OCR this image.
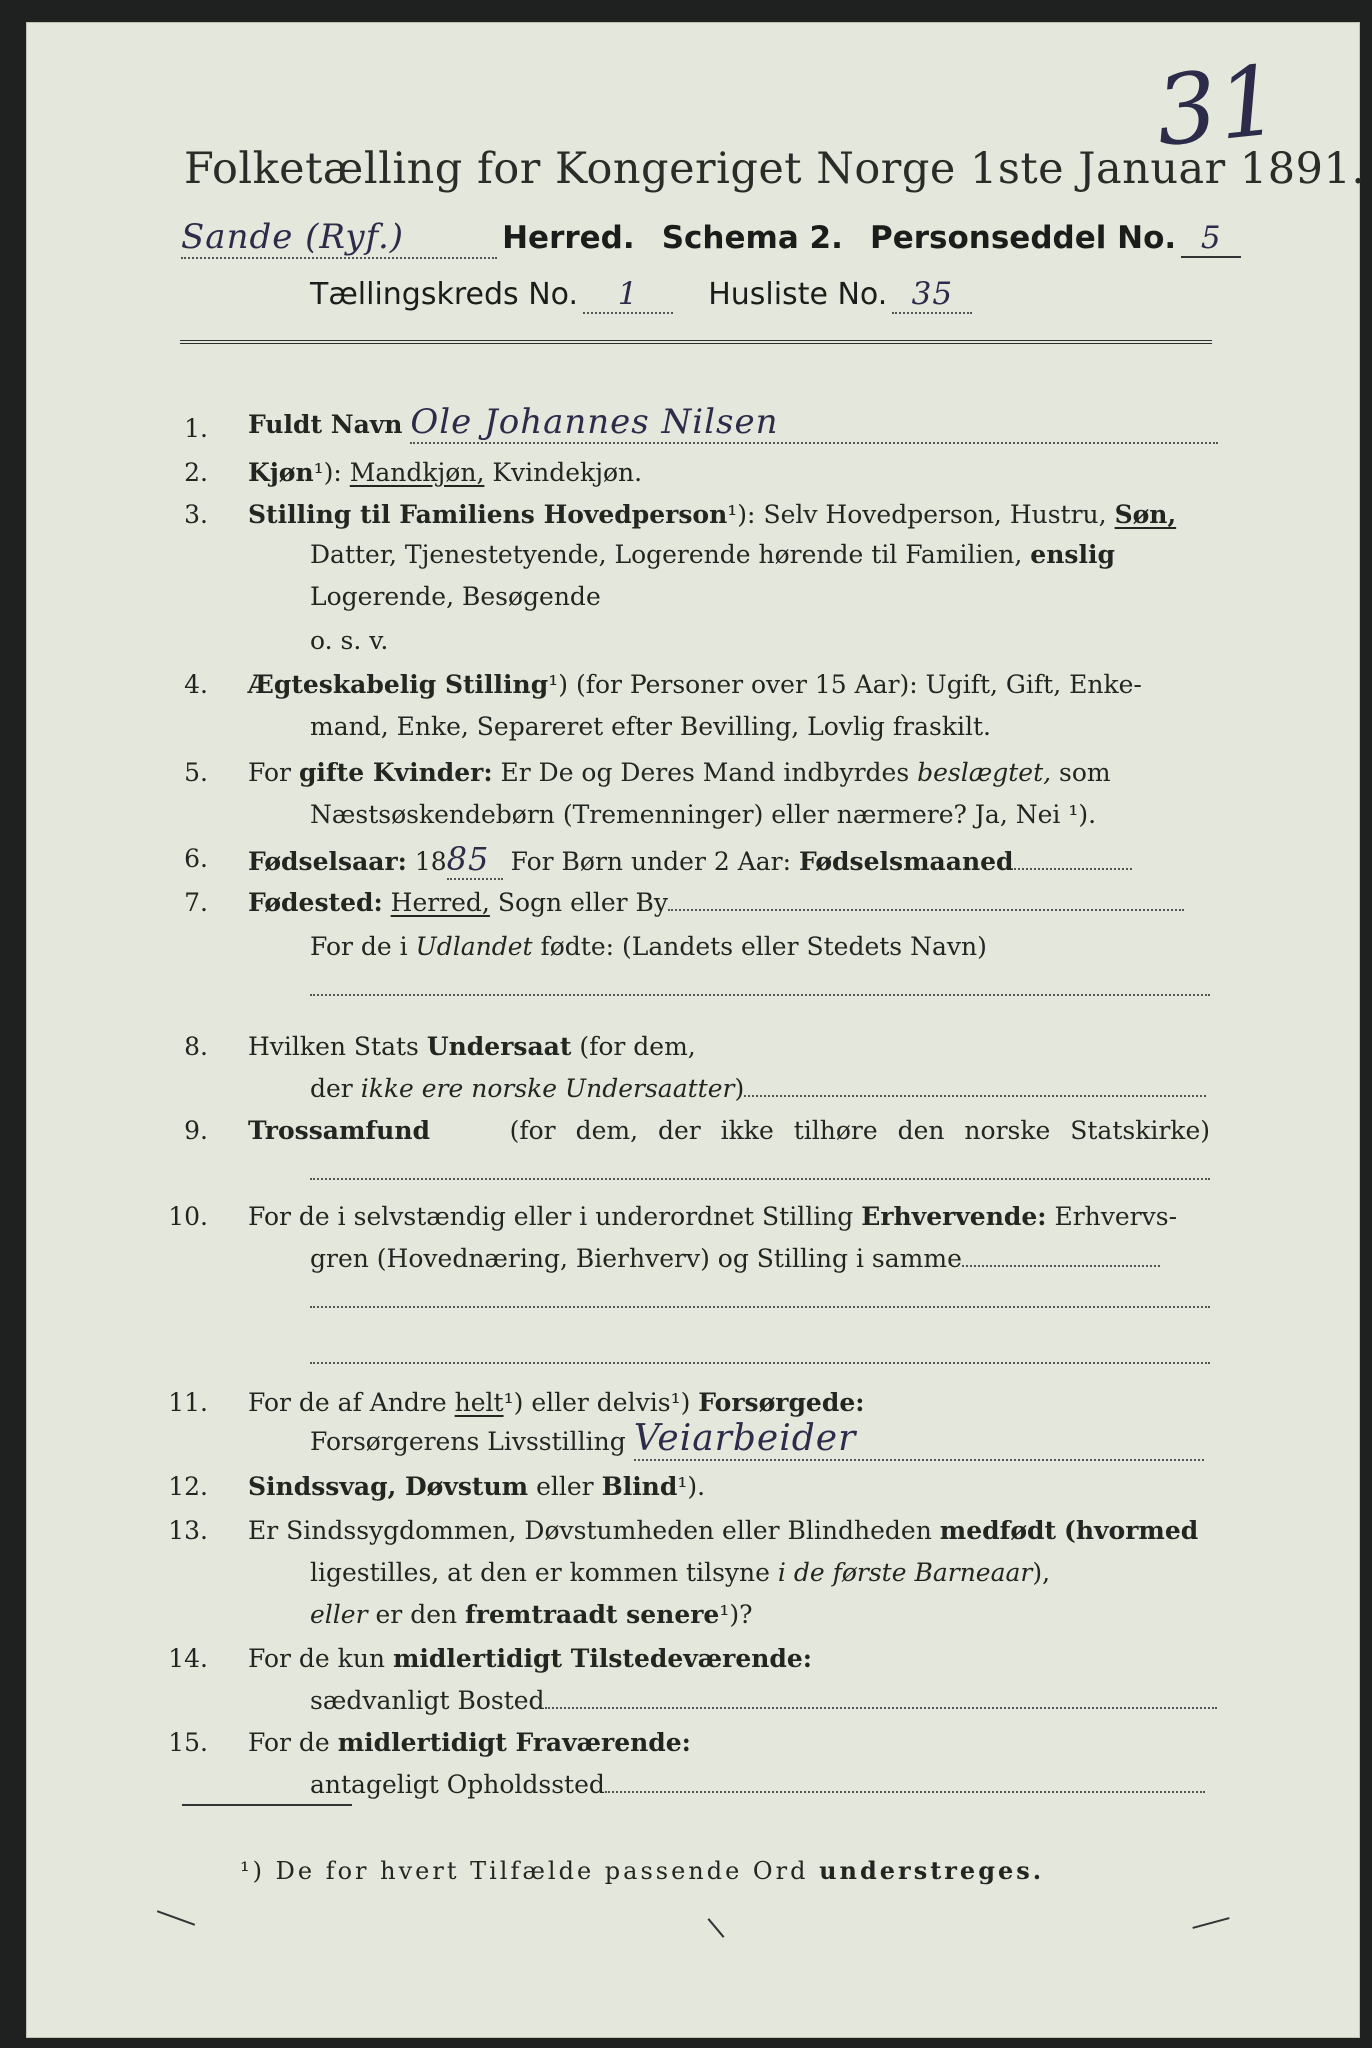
Folketælling for Kongeriget Norge 1ste Januar 1891.
31
Sande (Ryf.)	Herred. Schema 2. Personseddel No. 5
Tællingskreds No. 1 Husliste No. 35
1. Fuldt Navn Ole Johannes Nilsen
2. Kjøn¹): Mandkjøn, Kvindekjøn.
3. Stilling til Familiens Hovedperson¹): Selv Hovedperson, Hustru, Søn,
Datter, Tjenestetyende, Logerende hørende til Familien, enslig
Logerende, Besøgende
o. s. v.
4. Ægteskabelig Stilling¹) (for Personer over 15 Aar): Ugift, Gift, Enke-
mand, Enke, Separeret efter Bevilling, Lovlig fraskilt.
5. For gifte Kvinder: Er De og Deres Mand indbyrdes beslægtet, som
Næstsøskendebørn (Tremenninger) eller nærmere? Ja, Nei ¹).
6. Fødselsaar: 1885 For Børn under 2 Aar: Fødselsmaaned
7. Fødested: Herred, Sogn eller By
For de i Udlandet fødte: (Landets eller Stedets Navn)
8. Hvilken Stats Undersaat (for dem,
der ikke ere norske Undersaatter)
9. Trossamfund	(for dem, der ikke tilhøre den norske Statskirke)
10. For de i selvstændig eller i underordnet Stilling Erhvervende: Erhvervs-
gren (Hovednæring, Bierhverv) og Stilling i samme
11. For de af Andre helt¹) eller delvis¹) Forsørgede:
Forsørgerens Livsstilling Veiarbeider
12. Sindssvag, Døvstum eller Blind¹).
13. Er Sindssygdommen, Døvstumheden eller Blindheden medfødt (hvormed
ligestilles, at den er kommen tilsyne i de første Barneaar),
eller er den fremtraadt senere¹)?
14. For de kun midlertidigt Tilstedeværende:
sædvanligt Bosted
15. For de midlertidigt Fraværende:
antageligt Opholdssted
¹) De for hvert Tilfælde passende Ord understreges.
